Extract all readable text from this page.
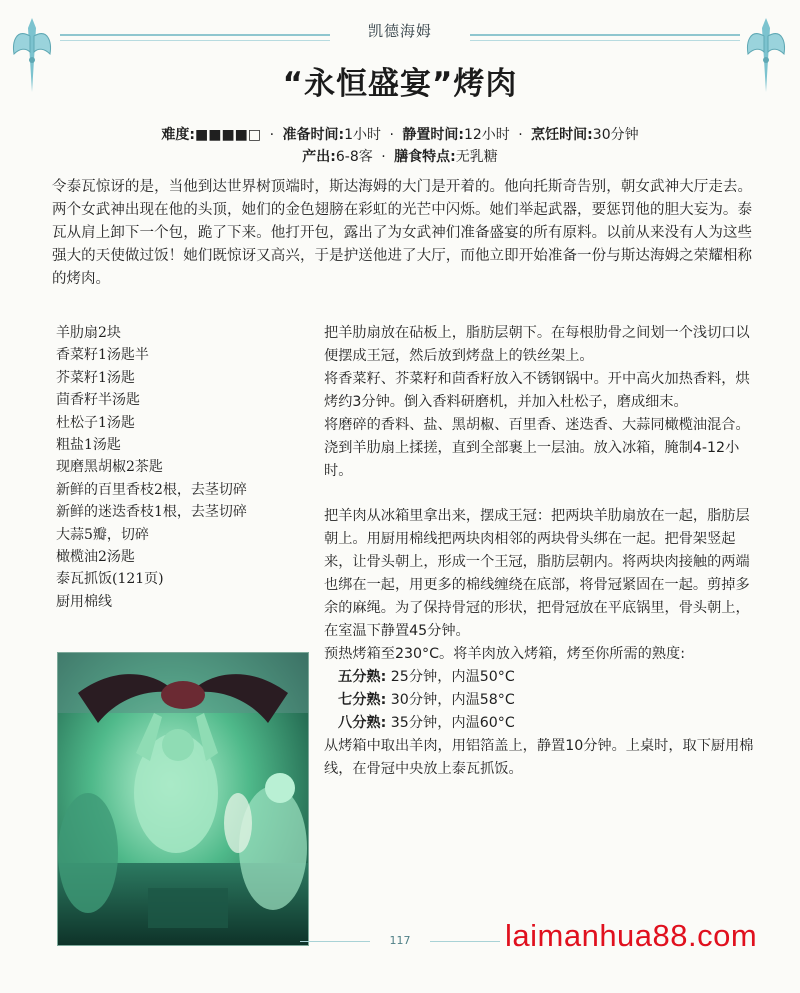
凯德海姆
“永恒盛宴”烤肉
难度:■■■■□ · 准备时间:1小时 · 静置时间:12小时 · 烹饪时间:30分钟
产出:6-8客 · 膳食特点:无乳糖
令泰瓦惊讶的是，当他到达世界树顶端时，斯达海姆的大门是开着的。他向托斯奇告别，朝女武神大厅走去。两个女武神出现在他的头顶，她们的金色翅膀在彩虹的光芒中闪烁。她们举起武器，要惩罚他的胆大妄为。泰瓦从肩上卸下一个包，跪了下来。他打开包，露出了为女武神们准备盛宴的所有原料。以前从来没有人为这些强大的天使做过饭！她们既惊讶又高兴，于是护送他进了大厅，而他立即开始准备一份与斯达海姆之荣耀相称的烤肉。
羊肋扇2块
香菜籽1汤匙半
芥菜籽1汤匙
茴香籽半汤匙
杜松子1汤匙
粗盐1汤匙
现磨黑胡椒2茶匙
新鲜的百里香枝2根，去茎切碎
新鲜的迷迭香枝1根，去茎切碎
大蒜5瓣，切碎
橄榄油2汤匙
泰瓦抓饭(121页)
厨用棉线

把羊肋扇放在砧板上，脂肪层朝下。在每根肋骨之间划一个浅切口以便摆成王冠，然后放到烤盘上的铁丝架上。

将香菜籽、芥菜籽和茴香籽放入不锈钢锅中。开中高火加热香料，烘烤约3分钟。倒入香料研磨机，并加入杜松子，磨成细末。

将磨碎的香料、盐、黑胡椒、百里香、迷迭香、大蒜同橄榄油混合。浇到羊肋扇上揉搓，直到全部裹上一层油。放入冰箱，腌制4-12小时。

把羊肉从冰箱里拿出来，摆成王冠：把两块羊肋扇放在一起，脂肪层朝上。用厨用棉线把两块肉相邻的两块骨头绑在一起。把骨架竖起来，让骨头朝上，形成一个王冠，脂肪层朝内。将两块肉接触的两端也绑在一起，用更多的棉线缠绕在底部，将骨冠紧固在一起。剪掉多余的麻绳。为了保持骨冠的形状，把骨冠放在平底锅里，骨头朝上，在室温下静置45分钟。

预热烤箱至230°C。将羊肉放入烤箱，烤至你所需的熟度:

五分熟: 25分钟，内温50°C

七分熟: 30分钟，内温58°C

八分熟: 35分钟，内温60°C

从烤箱中取出羊肉，用铝箔盖上，静置10分钟。上桌时，取下厨用棉线，在骨冠中央放上泰瓦抓饭。

117	laimanhua88.com
